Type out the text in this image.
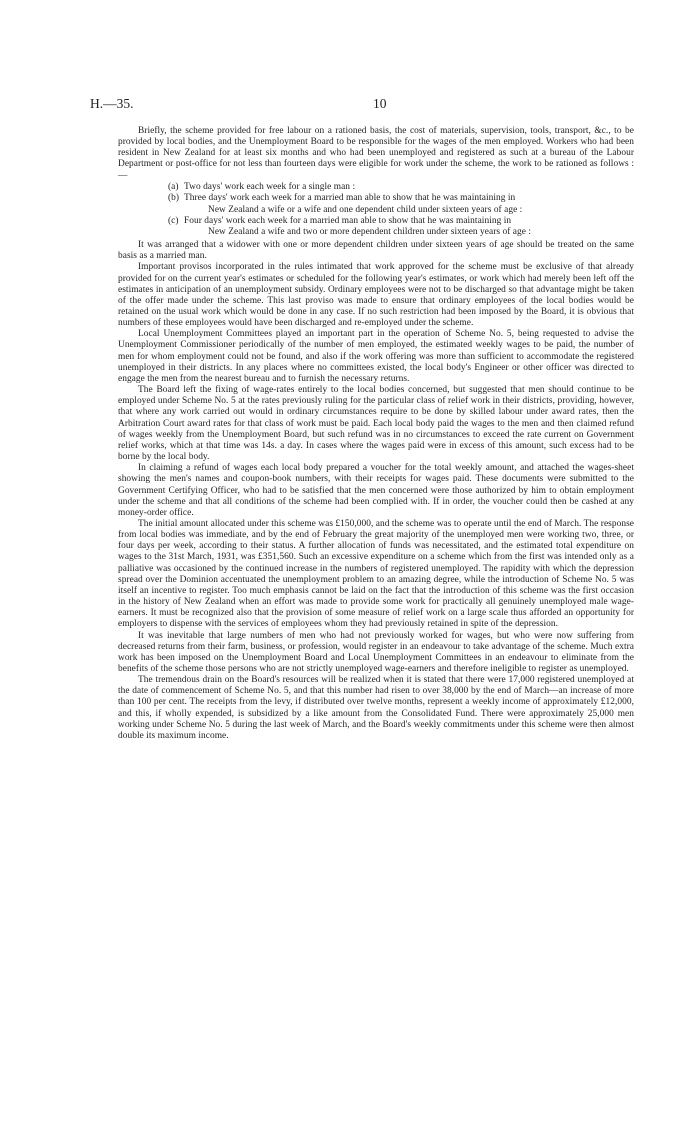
H.—35.	10

Briefly, the scheme provided for free labour on a rationed basis, the cost of materials, supervision, tools, transport, &c., to be provided by local bodies, and the Unemployment Board to be responsible for the wages of the men employed. Workers who had been resident in New Zealand for at least six months and who had been unemployed and registered as such at a bureau of the Labour Department or post-office for not less than fourteen days were eligible for work under the scheme, the work to be rationed as follows :—

(a) Two days' work each week for a single man :
(b) Three days' work each week for a married man able to show that he was maintaining in
New Zealand a wife or a wife and one dependent child under sixteen years of age :
(c) Four days' work each week for a married man able to show that he was maintaining in
New Zealand a wife and two or more dependent children under sixteen years of age :

It was arranged that a widower with one or more dependent children under sixteen years of age should be treated on the same basis as a married man.

Important provisos incorporated in the rules intimated that work approved for the scheme must be exclusive of that already provided for on the current year's estimates or scheduled for the following year's estimates, or work which had merely been left off the estimates in anticipation of an unemployment subsidy. Ordinary employees were not to be discharged so that advantage might be taken of the offer made under the scheme. This last proviso was made to ensure that ordinary employees of the local bodies would be retained on the usual work which would be done in any case. If no such restriction had been imposed by the Board, it is obvious that numbers of these employees would have been discharged and re-employed under the scheme.

Local Unemployment Committees played an important part in the operation of Scheme No. 5, being requested to advise the Unemployment Commissioner periodically of the number of men employed, the estimated weekly wages to be paid, the number of men for whom employment could not be found, and also if the work offering was more than sufficient to accommodate the registered unemployed in their districts. In any places where no committees existed, the local body's Engineer or other officer was directed to engage the men from the nearest bureau and to furnish the necessary returns.

The Board left the fixing of wage-rates entirely to the local bodies concerned, but suggested that men should continue to be employed under Scheme No. 5 at the rates previously ruling for the particular class of relief work in their districts, providing, however, that where any work carried out would in ordinary circumstances require to be done by skilled labour under award rates, then the Arbitration Court award rates for that class of work must be paid. Each local body paid the wages to the men and then claimed refund of wages weekly from the Unemployment Board, but such refund was in no circumstances to exceed the rate current on Government relief works, which at that time was 14s. a day. In cases where the wages paid were in excess of this amount, such excess had to be borne by the local body.

In claiming a refund of wages each local body prepared a voucher for the total weekly amount, and attached the wages-sheet showing the men's names and coupon-book numbers, with their receipts for wages paid. These documents were submitted to the Government Certifying Officer, who had to be satisfied that the men concerned were those authorized by him to obtain employment under the scheme and that all conditions of the scheme had been complied with. If in order, the voucher could then be cashed at any money-order office.

The initial amount allocated under this scheme was £150,000, and the scheme was to operate until the end of March. The response from local bodies was immediate, and by the end of February the great majority of the unemployed men were working two, three, or four days per week, according to their status. A further allocation of funds was necessitated, and the estimated total expenditure on wages to the 31st March, 1931, was £351,560. Such an excessive expenditure on a scheme which from the first was intended only as a palliative was occasioned by the continued increase in the numbers of registered unemployed. The rapidity with which the depression spread over the Dominion accentuated the unemployment problem to an amazing degree, while the introduction of Scheme No. 5 was itself an incentive to register. Too much emphasis cannot be laid on the fact that the introduction of this scheme was the first occasion in the history of New Zealand when an effort was made to provide some work for practically all genuinely unemployed male wage-earners. It must be recognized also that the provision of some measure of relief work on a large scale thus afforded an opportunity for employers to dispense with the services of employees whom they had previously retained in spite of the depression.

It was inevitable that large numbers of men who had not previously worked for wages, but who were now suffering from decreased returns from their farm, business, or profession, would register in an endeavour to take advantage of the scheme. Much extra work has been imposed on the Unemployment Board and Local Unemployment Committees in an endeavour to eliminate from the benefits of the scheme those persons who are not strictly unemployed wage-earners and therefore ineligible to register as unemployed.

The tremendous drain on the Board's resources will be realized when it is stated that there were 17,000 registered unemployed at the date of commencement of Scheme No. 5, and that this number had risen to over 38,000 by the end of March—an increase of more than 100 per cent. The receipts from the levy, if distributed over twelve months, represent a weekly income of approximately £12,000, and this, if wholly expended, is subsidized by a like amount from the Consolidated Fund. There were approximately 25,000 men working under Scheme No. 5 during the last week of March, and the Board's weekly commitments under this scheme were then almost double its maximum income.
